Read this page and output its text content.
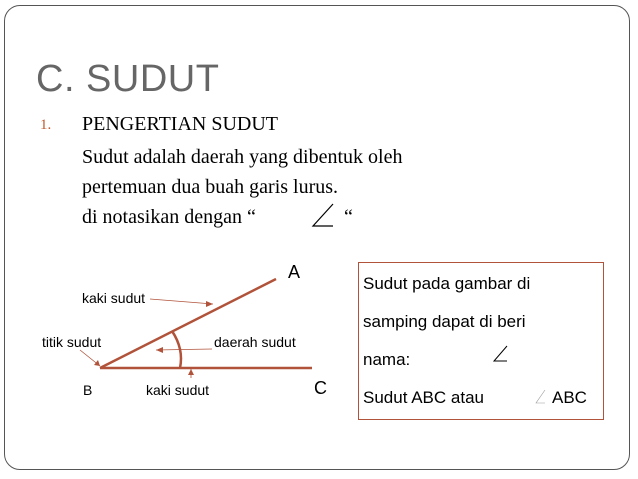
C. SUDUT
1. PENGERTIAN SUDUT
Sudut adalah daerah yang dibentuk oleh
pertemuan dua buah garis lurus.
di notasikan dengan “	“
A
C
B
kaki sudut
titik sudut	daerah sudut
kaki sudut
Sudut pada gambar di
samping dapat di beri
nama:
Sudut ABC atau	ABC
